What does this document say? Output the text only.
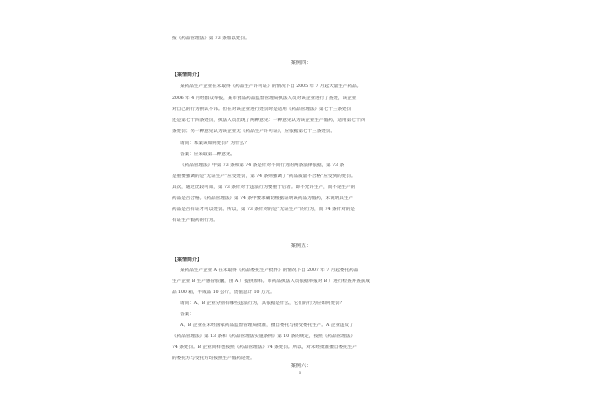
按《药品管理法》第 73 条加以处罚。
案例四：
【案情简介】
某药品生产企业在未取得《药品生产许可证》的情况下自 2005 年 7 月起大量生产药品。
2006 年 4 月经群众举报，某市食品药品监督管理局执法人员对该企业进行了查处，该企业
对自己的行为供认不讳。但在对该企业进行处罚时是适用《药品管理法》第七十三条处罚
还是第七十四条处罚，执法人员出现了两种意见：一种意见认为该企业生产假药，适用第七十四
条处罚；另一种意见认为该企业无《药品生产许可证》，应依据第七十三条处罚。
请问：本案该如何处罚？为什么？
答案：应采取第二种意见。
《药品管理法》中第 73 条和第 74 条是针对不同行为的两条法律依据，第 73 条
是重要强调的是“无证生产”应受处罚，第 74 条则强调了“药品质量不合格”应受到的处罚。
其次，通过比较可知，第 73 条针对于违法行为要重于后者。即不允许生产，而不论生产的
药品是否合格。《药品管理法》第 74 条中要求确切根据证明该药品为假药，未说明其生产
药品是否有证才可以处罚。所以，第 73 条针对的是“无证生产”的行为，而 74 条针对的是
有证生产假药的行为。
案例五：
【案情简介】
某药品生产企业 A 在未取得《药品委托生产批件》的情况下自 2007 年 7 月起委托药品
生产企业 B 生产感冒胶囊，由 A 厂提供原料。市药品执法人员依据举报对 B 厂进行检查并查获成
品 100 箱，半成品 10 公斤，货值总计 10 万元。
请问：A、B 企业分别有哪些违法行为，其依据是什么，它们的行为应如何处罚？
答案：
A、B 企业在未经国家药品监督管理局批准，擅自委托与接受委托生产。A 企业违反了
《药品管理法》第 13 条和《药品管理法实施条例》第 10 条的规定，按照《药品管理法》
74 条处罚。B 企业同样也按照《药品管理法》74 条处罚。所以，对未经批准擅自委托生产
的委托方与受托方均按照生产假药论处。
案例六：
5
